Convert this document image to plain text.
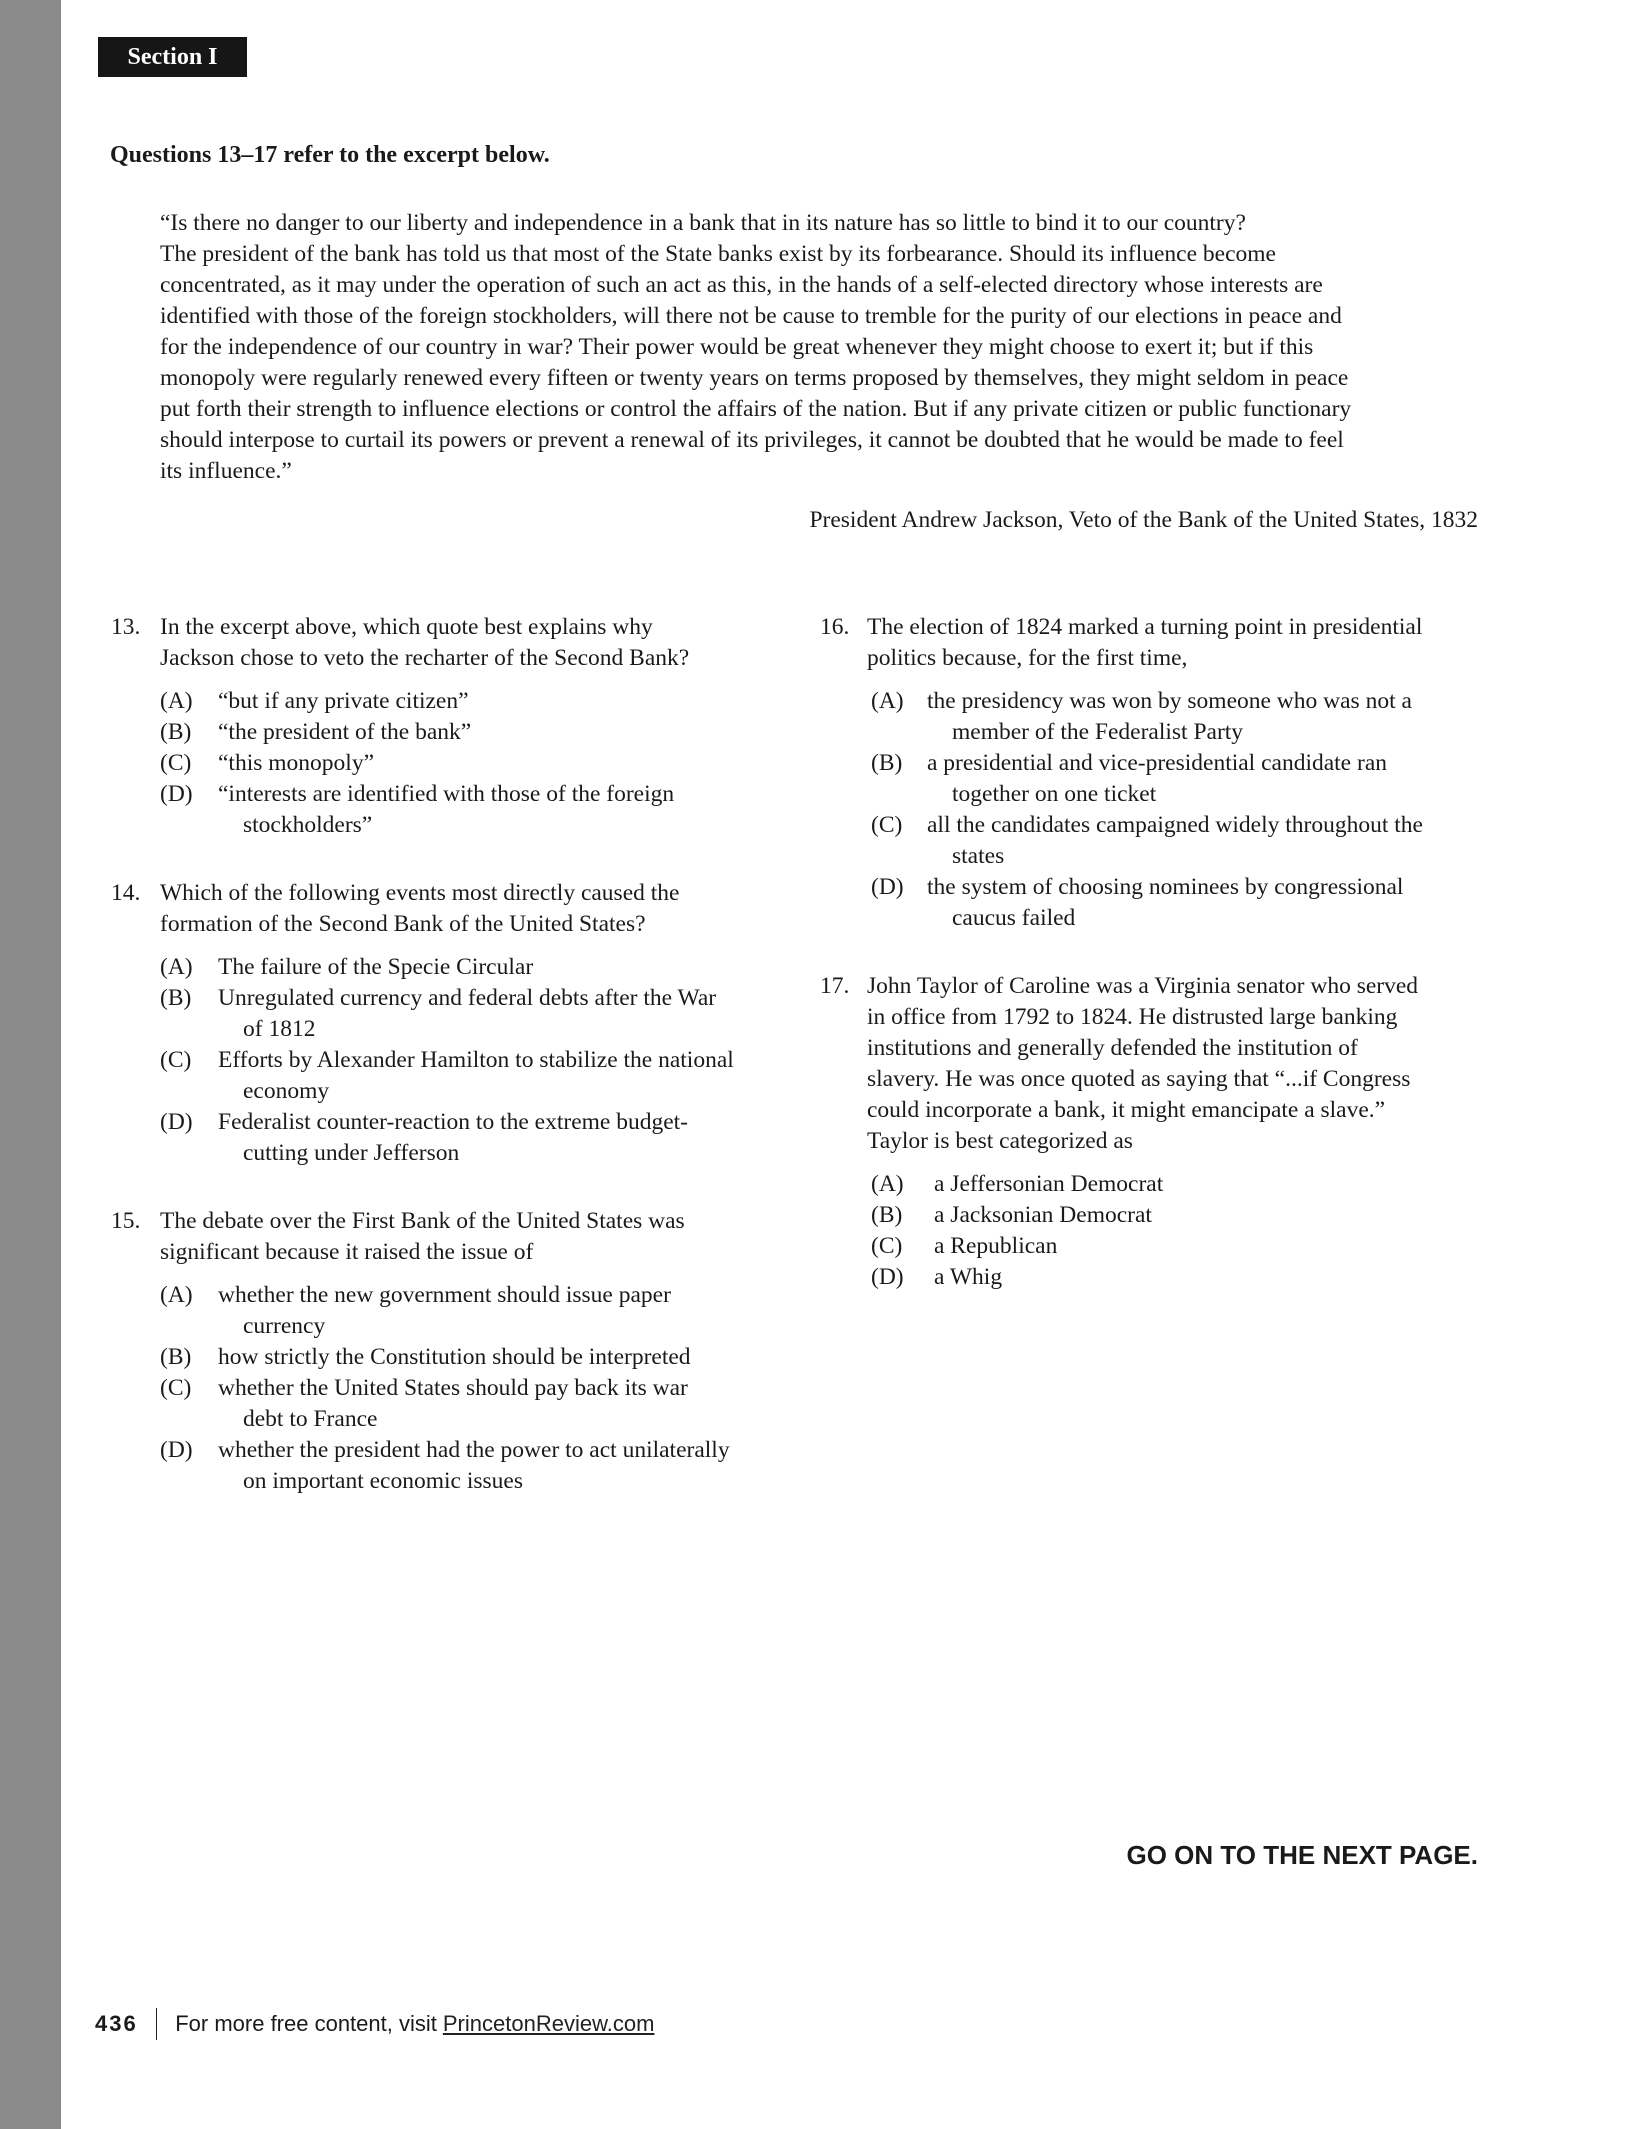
Section I
Questions 13–17 refer to the excerpt below.
“Is there no danger to our liberty and independence in a bank that in its nature has so little to bind it to our country?
The president of the bank has told us that most of the State banks exist by its forbearance. Should its influence become
concentrated, as it may under the operation of such an act as this, in the hands of a self-elected directory whose interests are
identified with those of the foreign stockholders, will there not be cause to tremble for the purity of our elections in peace and
for the independence of our country in war? Their power would be great whenever they might choose to exert it; but if this
monopoly were regularly renewed every fifteen or twenty years on terms proposed by themselves, they might seldom in peace
put forth their strength to influence elections or control the affairs of the nation. But if any private citizen or public functionary
should interpose to curtail its powers or prevent a renewal of its privileges, it cannot be doubted that he would be made to feel
its influence.”
President Andrew Jackson, Veto of the Bank of the United States, 1832
13. In the excerpt above, which quote best explains why
Jackson chose to veto the recharter of the Second Bank?
(A) “but if any private citizen”
(B) “the president of the bank”
(C) “this monopoly”
(D) “interests are identified with those of the foreign
stockholders”
14. Which of the following events most directly caused the
formation of the Second Bank of the United States?
(A) The failure of the Specie Circular
(B) Unregulated currency and federal debts after the War
of 1812
(C) Efforts by Alexander Hamilton to stabilize the national
economy
(D) Federalist counter-reaction to the extreme budget-
cutting under Jefferson
15. The debate over the First Bank of the United States was
significant because it raised the issue of
(A) whether the new government should issue paper
currency
(B) how strictly the Constitution should be interpreted
(C) whether the United States should pay back its war
debt to France
(D) whether the president had the power to act unilaterally
on important economic issues
16. The election of 1824 marked a turning point in presidential
politics because, for the first time,
(A) the presidency was won by someone who was not a
member of the Federalist Party
(B) a presidential and vice-presidential candidate ran
together on one ticket
(C) all the candidates campaigned widely throughout the
states
(D) the system of choosing nominees by congressional
caucus failed
17. John Taylor of Caroline was a Virginia senator who served
in office from 1792 to 1824. He distrusted large banking
institutions and generally defended the institution of
slavery. He was once quoted as saying that “...if Congress
could incorporate a bank, it might emancipate a slave.”
Taylor is best categorized as
(A) a Jeffersonian Democrat
(B) a Jacksonian Democrat
(C) a Republican
(D) a Whig
GO ON TO THE NEXT PAGE.
436 For more free content, visit PrincetonReview.com
